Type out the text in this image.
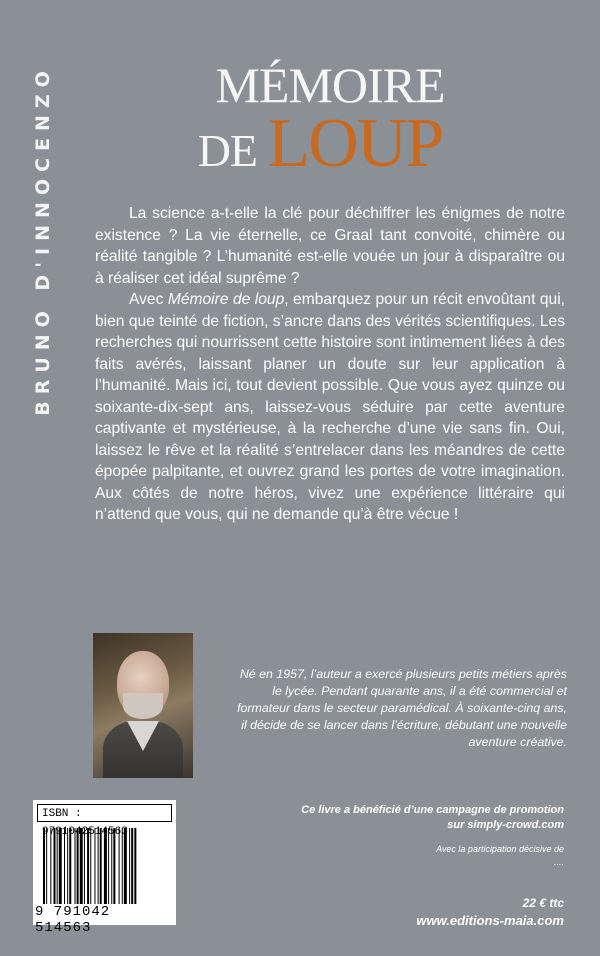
BRUNO D'INNOCENZO	MÉMOIRE
DE LOUP

La science a-t-elle la clé pour déchiffrer les énigmes de notre existence ? La vie éternelle, ce Graal tant convoité, chimère ou réalité tangible ? L’humanité est-elle vouée un jour à disparaître ou à réaliser cet idéal suprême ?

Avec Mémoire de loup, embarquez pour un récit envoûtant qui, bien que teinté de fiction, s’ancre dans des vérités scientifiques. Les recherches qui nourrissent cette histoire sont intimement liées à des faits avérés, laissant planer un doute sur leur application à l’humanité. Mais ici, tout devient possible. Que vous ayez quinze ou soixante-dix-sept ans, laissez-vous séduire par cette aventure captivante et mystérieuse, à la recherche d’une vie sans fin. Oui, laissez le rêve et la réalité s’entrelacer dans les méandres de cette épopée palpitante, et ouvrez grand les portes de votre imagination. Aux côtés de notre héros, vivez une expérience littéraire qui n’attend que vous, qui ne demande qu’à être vécue !

Né en 1957, l’auteur a exercé plusieurs petits métiers après le lycée. Pendant quarante ans, il a été commercial et formateur dans le secteur paramédical. À soixante-cinq ans, il décide de se lancer dans l’écriture, débutant une nouvelle aventure créative.
ISBN :
9 791042 514563
Ce livre a bénéficié d’une campagne de promotion
sur simply-crowd.com
Avec la participation décisive de
....
22 € ttc
www.editions-maia.com
